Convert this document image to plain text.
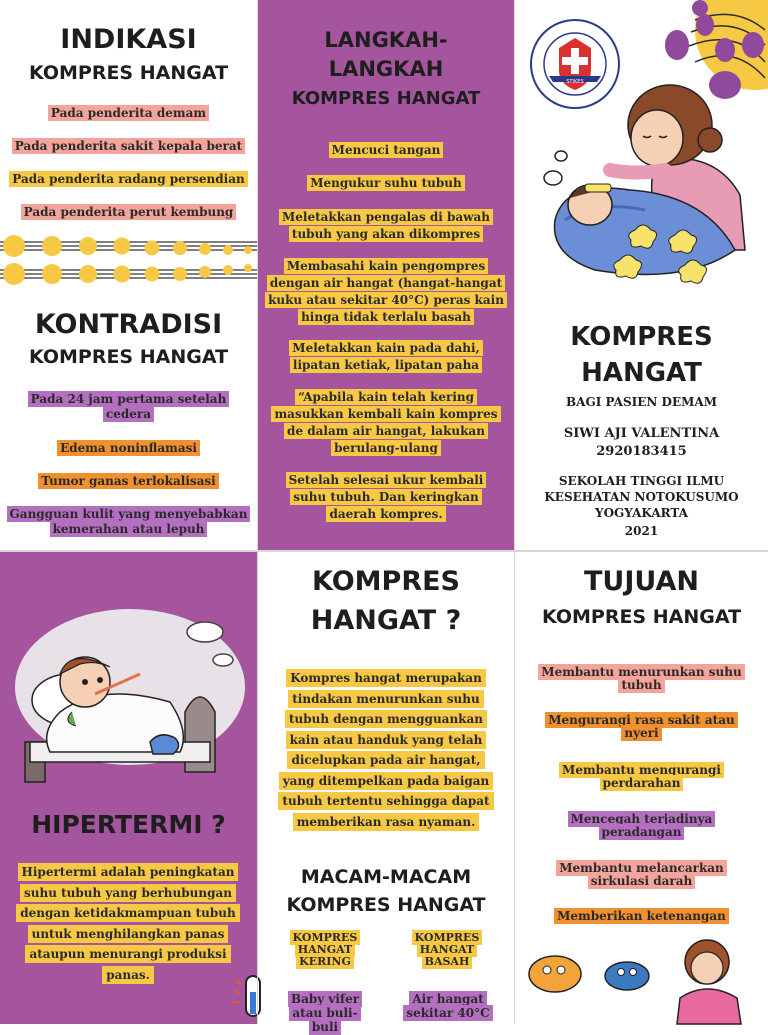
INDIKASI
KOMPRES HANGAT
Pada penderita demam
Pada penderita sakit kepala berat
Pada penderita radang persendian
Pada penderita perut kembung
KONTRADISI
KOMPRES HANGAT
Pada 24 jam pertama setelah cedera
Edema noninflamasi
Tumor ganas terlokalisasi
Gangguan kulit yang menyebabkan kemerahan atau lepuh
LANGKAH-
LANGKAH
KOMPRES HANGAT
Mencuci tangan
Mengukur suhu tubuh
Meletakkan pengalas di bawah tubuh yang akan dikompres
Membasahi kain pengompres dengan air hangat (hangat-hangat kuku atau sekitar 40°C) peras kain hinga tidak terlalu basah
Meletakkan kain pada dahi, lipatan ketiak, lipatan paha
“Apabila kain telah kering masukkan kembali kain kompres de dalam air hangat, lakukan berulang-ulang
Setelah selesai ukur kembali suhu tubuh. Dan keringkan daerah kompres.
STIKES
KOMPRES
HANGAT
BAGI PASIEN DEMAM
SIWI AJI VALENTINA
2920183415
SEKOLAH TINGGI ILMU
KESEHATAN NOTOKUSUMO
YOGYAKARTA
2021
HIPERTERMI ?
Hipertermi adalah peningkatan suhu tubuh yang berhubungan dengan ketidakmampuan tubuh untuk menghilangkan panas ataupun menurangi produksi panas.
KOMPRES
HANGAT ?
Kompres hangat merupakan tindakan menurunkan suhu tubuh dengan mengguankan kain atau handuk yang telah dicelupkan pada air hangat, yang ditempelkan pada baigan tubuh tertentu sehingga dapat memberikan rasa nyaman.
MACAM-MACAM
KOMPRES HANGAT
KOMPRES HANGAT KERING
KOMPRES HANGAT BASAH
Baby vifer atau buli-buli
Air hangat sekitar 40°C
TUJUAN
KOMPRES HANGAT
Membantu menurunkan suhu tubuh
Mengurangi rasa sakit atau nyeri
Membantu mengurangi perdarahan
Mencegah terjadinya peradangan
Membantu melancarkan sirkulasi darah
Memberikan ketenangan
